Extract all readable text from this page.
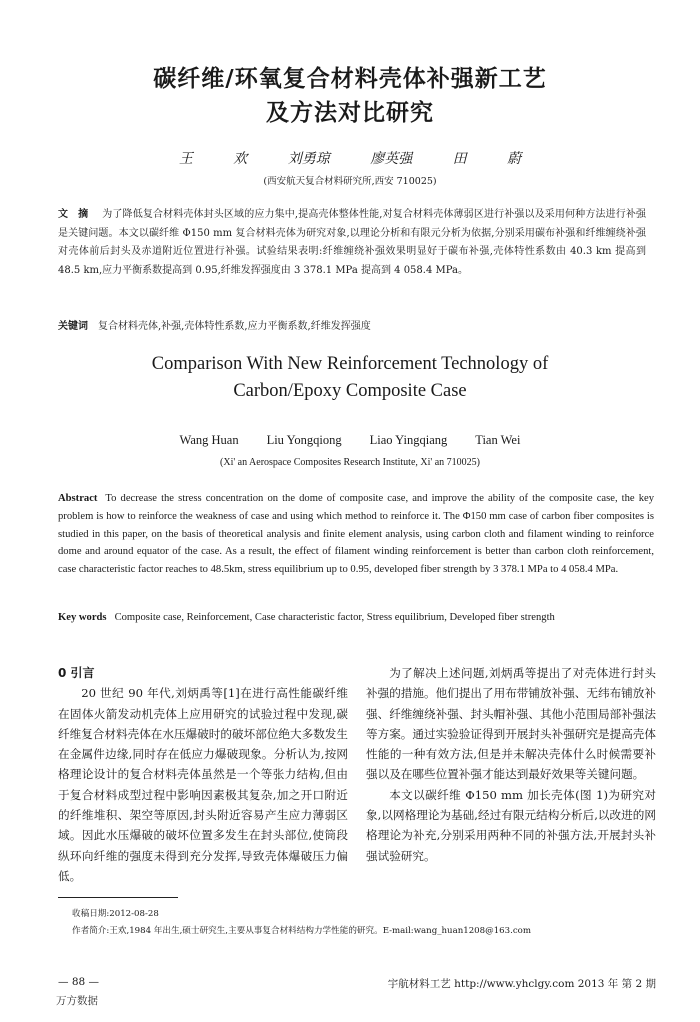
碳纤维/环氧复合材料壳体补强新工艺
及方法对比研究
王 欢 刘勇琼 廖英强 田 蔚
(西安航天复合材料研究所,西安 710025)
文摘 为了降低复合材料壳体封头区域的应力集中,提高壳体整体性能,对复合材料壳体薄弱区进行补强以及采用何种方法进行补强是关键问题。本文以碳纤维 Φ150 mm 复合材料壳体为研究对象,以理论分析和有限元分析为依据,分别采用碳布补强和纤维缠绕补强对壳体前后封头及赤道附近位置进行补强。试验结果表明:纤维缠绕补强效果明显好于碳布补强,壳体特性系数由 40.3 km 提高到 48.5 km,应力平衡系数提高到 0.95,纤维发挥强度由 3 378.1 MPa 提高到 4 058.4 MPa。
关键词 复合材料壳体,补强,壳体特性系数,应力平衡系数,纤维发挥强度
Comparison With New Reinforcement Technology of
Carbon/Epoxy Composite Case
Wang Huan Liu Yongqiong Liao Yingqiang Tian Wei
(Xi' an Aerospace Composites Research Institute, Xi' an 710025)
Abstract To decrease the stress concentration on the dome of composite case, and improve the ability of the composite case, the key problem is how to reinforce the weakness of case and using which method to reinforce it. The Φ150 mm case of carbon fiber composites is studied in this paper, on the basis of theoretical analysis and finite element analysis, using carbon cloth and filament winding to reinforce dome and around equator of the case. As a result, the effect of filament winding reinforcement is better than carbon cloth reinforcement, case characteristic factor reaches to 48.5km, stress equilibrium up to 0.95, developed fiber strength by 3 378.1 MPa to 4 058.4 MPa.
Key words Composite case, Reinforcement, Case characteristic factor, Stress equilibrium, Developed fiber strength

0 引言

20 世纪 90 年代,刘炳禹等[1]在进行高性能碳纤维在固体火箭发动机壳体上应用研究的试验过程中发现,碳纤维复合材料壳体在水压爆破时的破坏部位绝大多数发生在金属件边缘,同时存在低应力爆破现象。分析认为,按网格理论设计的复合材料壳体虽然是一个等张力结构,但由于复合材料成型过程中影响因素极其复杂,加之开口附近的纤维堆积、架空等原因,封头附近容易产生应力薄弱区域。因此水压爆破的破坏位置多发生在封头部位,使筒段纵环向纤维的强度未得到充分发挥,导致壳体爆破压力偏低。

为了解决上述问题,刘炳禹等提出了对壳体进行封头补强的措施。他们提出了用布带铺放补强、无纬布铺放补强、纤维缠绕补强、封头帽补强、其他小范围局部补强法等方案。通过实验验证得到开展封头补强研究是提高壳体性能的一种有效方法,但是并未解决壳体什么时候需要补强以及在哪些位置补强才能达到最好效果等关键问题。

本文以碳纤维 Φ150 mm 加长壳体(图 1)为研究对象,以网格理论为基础,经过有限元结构分析后,以改进的网格理论为补充,分别采用两种不同的补强方法,开展封头补强试验研究。

收稿日期:2012-08-28
作者简介:王欢,1984 年出生,硕士研究生,主要从事复合材料结构力学性能的研究。E-mail:wang_huan1208@163.com
— 88 —	宇航材料工艺 http://www.yhclgy.com 2013 年 第 2 期
万方数据
